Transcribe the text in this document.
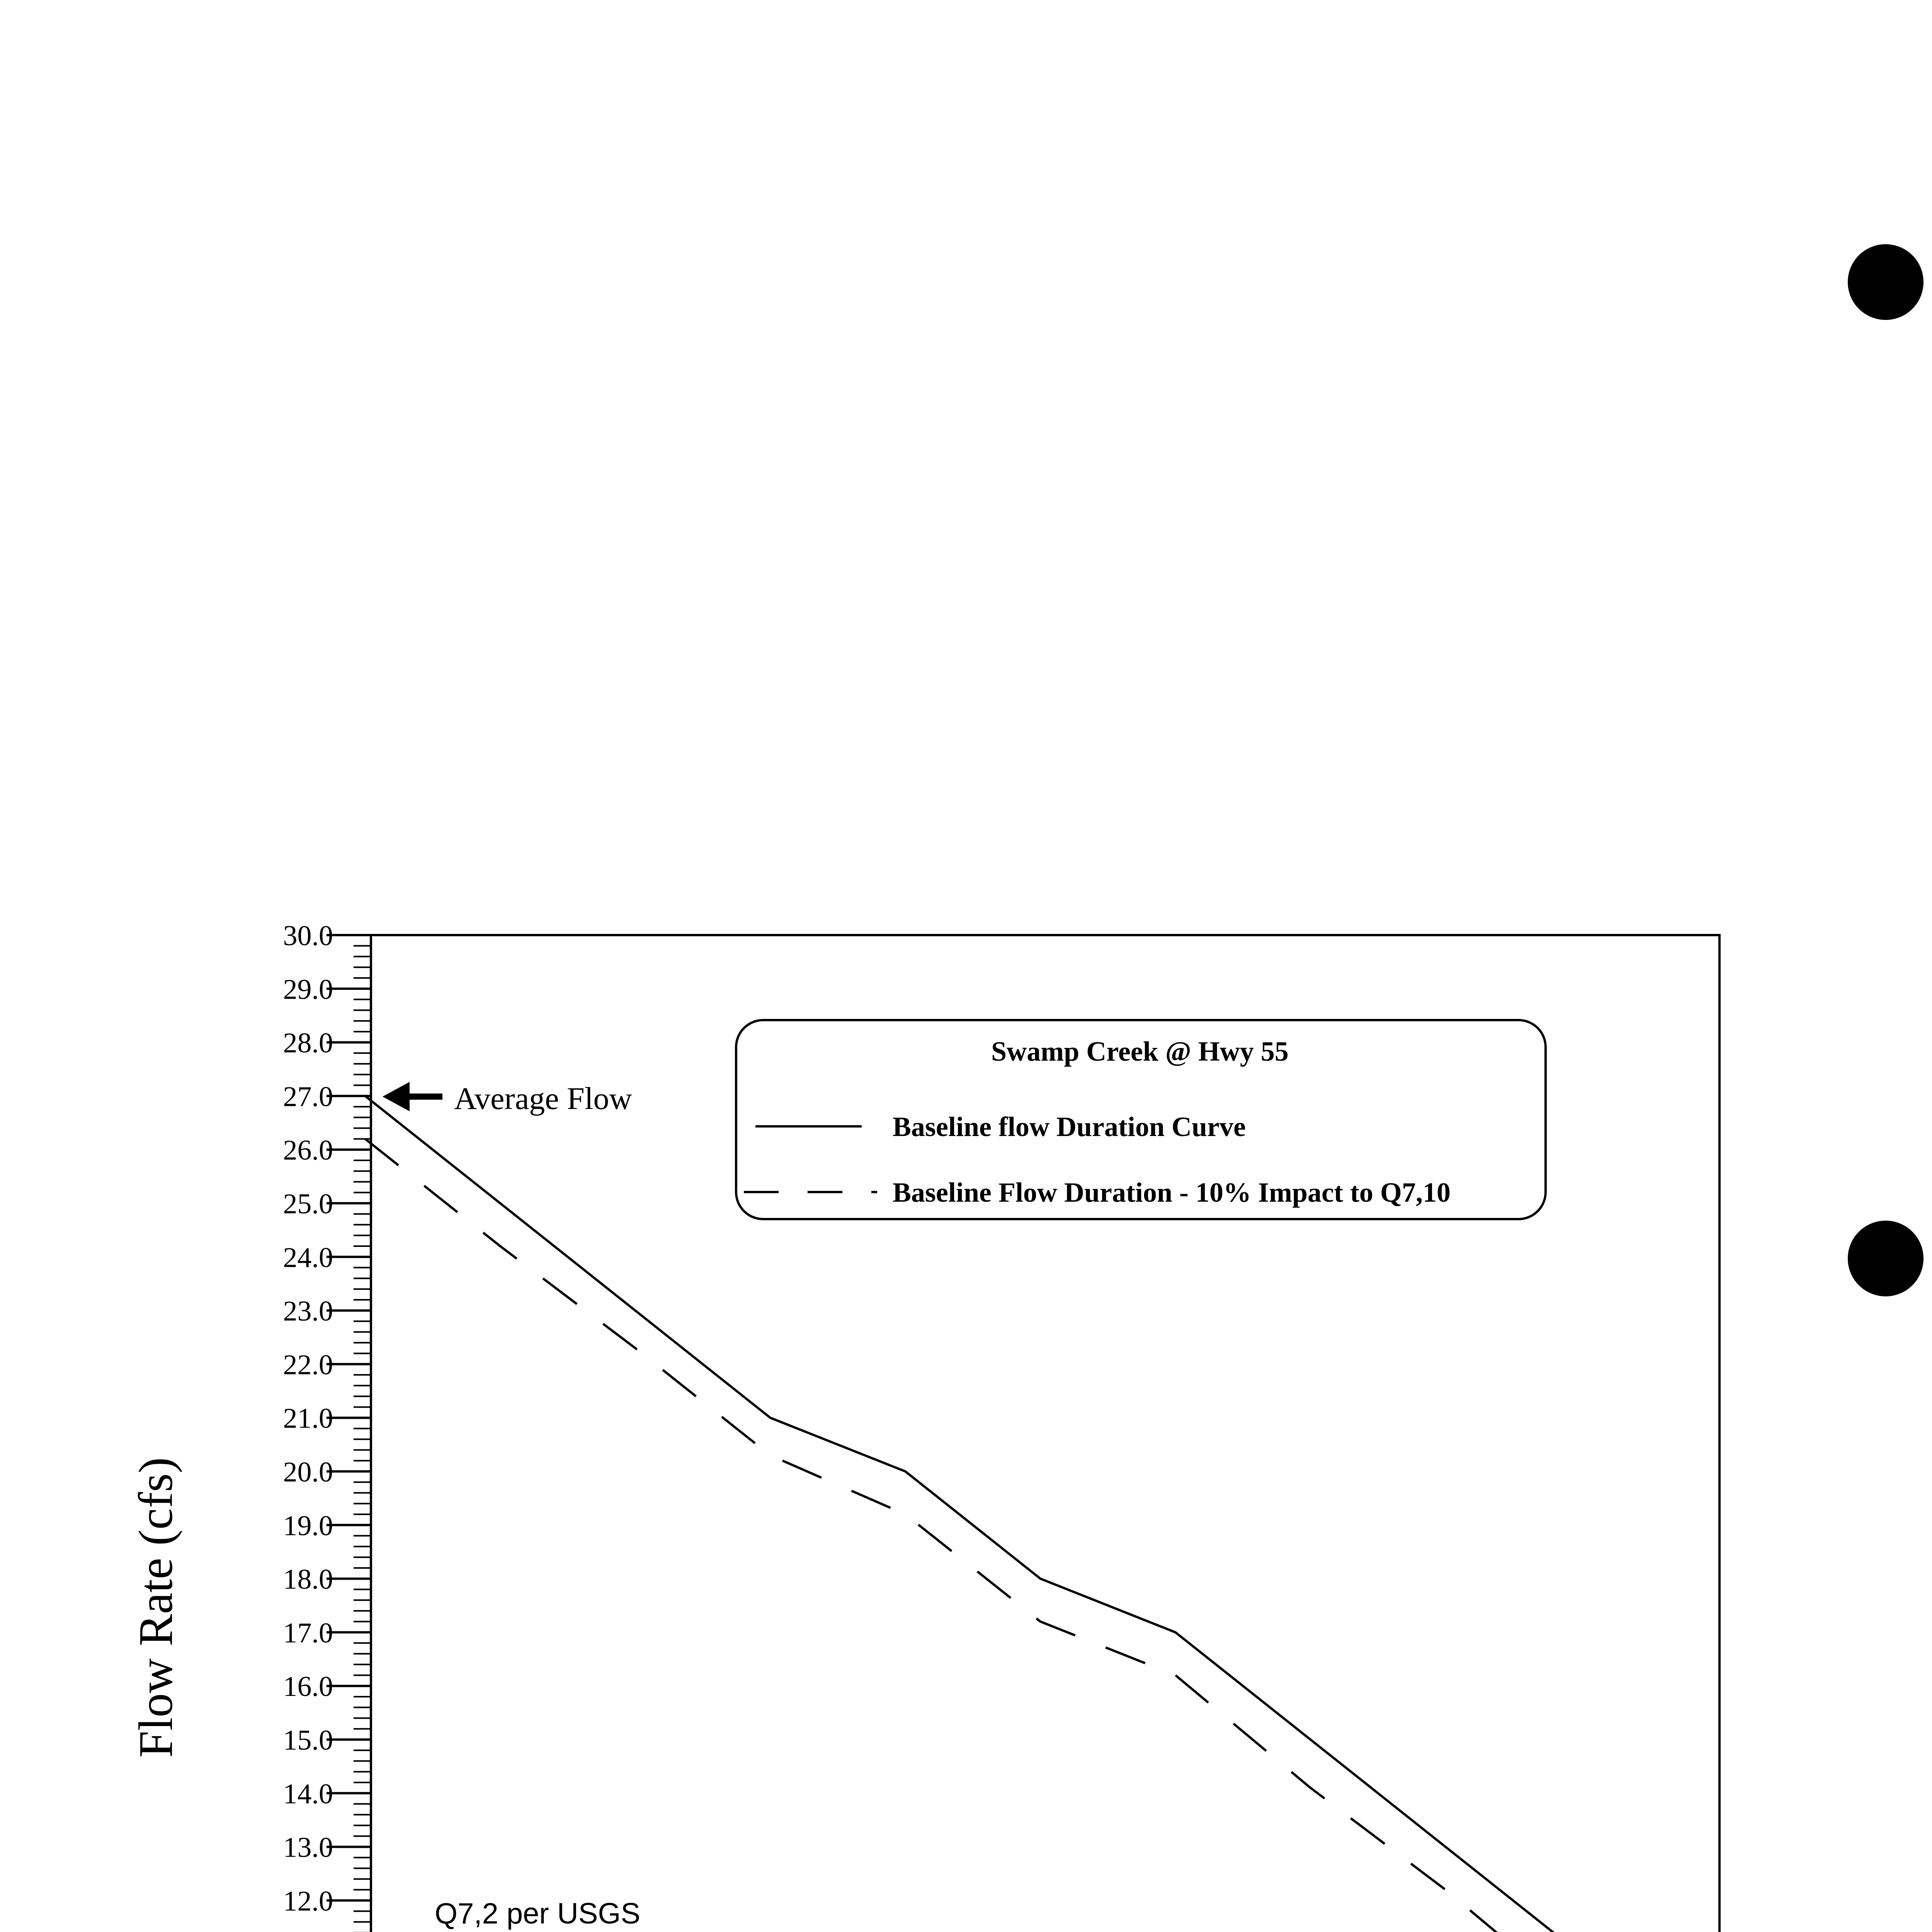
12.0
13.0
14.0
15.0
16.0
17.0
18.0
19.0
20.0
21.0
22.0
23.0
24.0
25.0
26.0
27.0
28.0
29.0
30.0
Flow Rate (cfs)
Average Flow
Q7,2 per USGS
Swamp Creek @ Hwy 55
Baseline flow Duration Curve
Baseline Flow Duration - 10% Impact to Q7,10
